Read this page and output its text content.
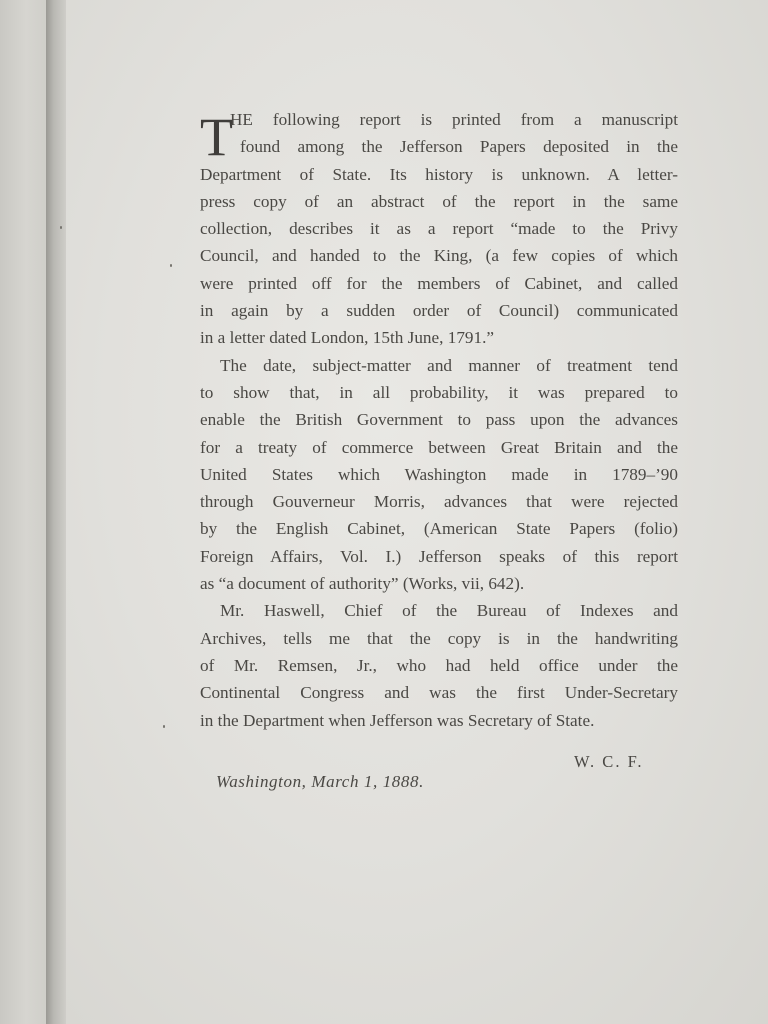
T
HE following report is printed from a manuscript
found among the Jefferson Papers deposited in the
Department of State. Its history is unknown. A letter-
press copy of an abstract of the report in the same
collection, describes it as a report “made to the Privy
Council, and handed to the King, (a few copies of which
were printed off for the members of Cabinet, and called
in again by a sudden order of Council) communicated
in a letter dated London, 15th June, 1791.”
The date, subject-matter and manner of treatment tend
to show that, in all probability, it was prepared to
enable the British Government to pass upon the advances
for a treaty of commerce between Great Britain and the
United States which Washington made in 1789–’90
through Gouverneur Morris, advances that were rejected
by the English Cabinet, (American State Papers (folio)
Foreign Affairs, Vol. I.) Jefferson speaks of this report
as “a document of authority” (Works, vii, 642).
Mr. Haswell, Chief of the Bureau of Indexes and
Archives, tells me that the copy is in the handwriting
of Mr. Remsen, Jr., who had held office under the
Continental Congress and was the first Under-Secretary
in the Department when Jefferson was Secretary of State.
W. C. F.
Washington, March 1, 1888.
